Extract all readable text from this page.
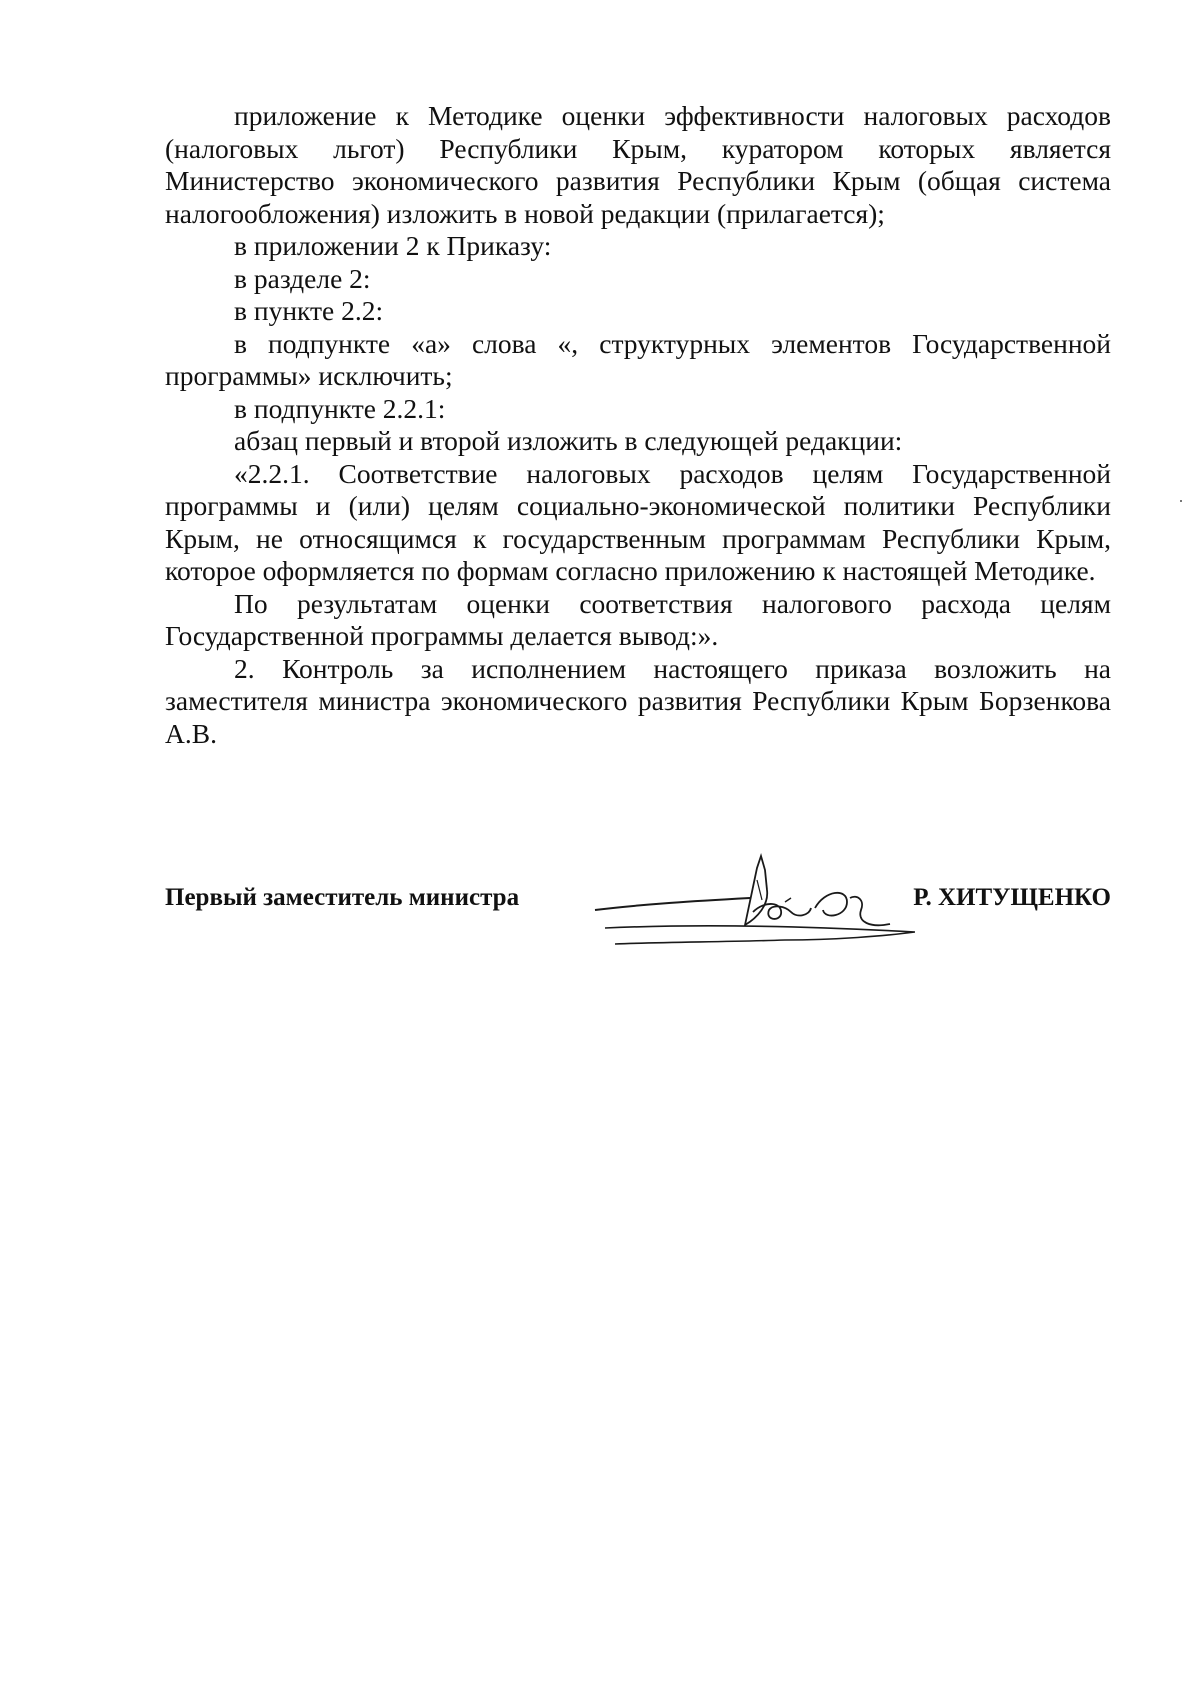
приложение к Методике оценки эффективности налоговых расходов (налоговых льгот) Республики Крым, куратором которых является Министерство экономического развития Республики Крым (общая система налогообложения) изложить в новой редакции (прилагается);

в приложении 2 к Приказу:

в разделе 2:

в пункте 2.2:

в подпункте «а» слова «, структурных элементов Государственной программы» исключить;

в подпункте 2.2.1:

абзац первый и второй изложить в следующей редакции:

«2.2.1. Соответствие налоговых расходов целям Государственной программы и (или) целям социально-экономической политики Республики Крым, не относящимся к государственным программам Республики Крым, которое оформляется по формам согласно приложению к настоящей Методике.

По результатам оценки соответствия налогового расхода целям Государственной программы делается вывод:».

2. Контроль за исполнением настоящего приказа возложить на заместителя министра экономического развития Республики Крым Борзенкова А.В.

Первый заместитель министра	Р. ХИТУЩЕНКО
